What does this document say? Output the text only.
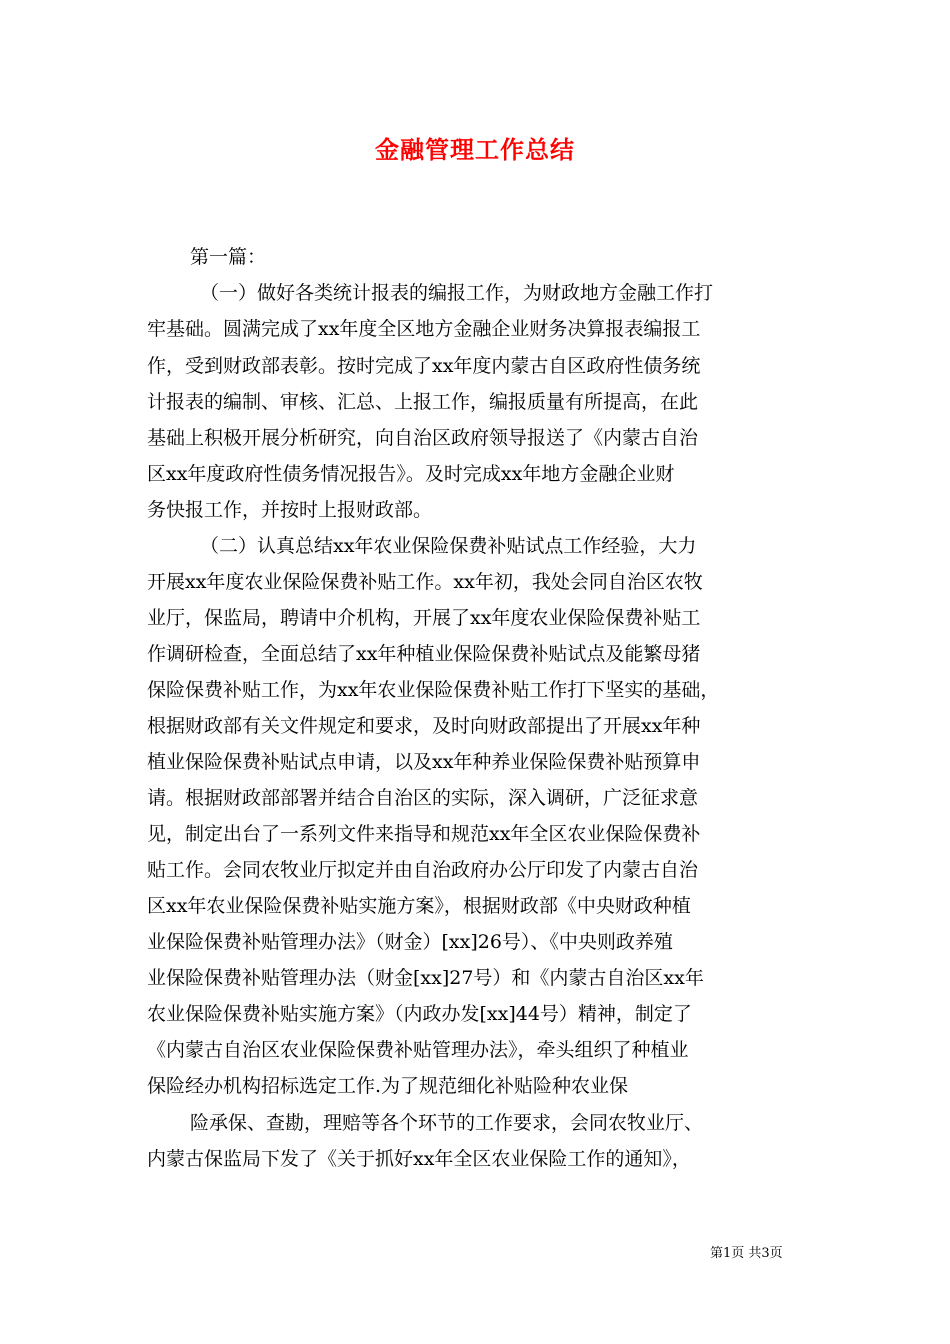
金融管理工作总结
第一篇：
（一）做好各类统计报表的编报工作，为财政地方金融工作打
牢基础。圆满完成了xx年度全区地方金融企业财务决算报表编报工
作，受到财政部表彰。按时完成了xx年度内蒙古自区政府性债务统
计报表的编制、审核、汇总、上报工作，编报质量有所提高，在此
基础上积极开展分析研究，向自治区政府领导报送了《内蒙古自治
区xx年度政府性债务情况报告》。及时完成xx年地方金融企业财
务快报工作，并按时上报财政部。
（二）认真总结xx年农业保险保费补贴试点工作经验，大力
开展xx年度农业保险保费补贴工作。xx年初，我处会同自治区农牧
业厅，保监局，聘请中介机构，开展了xx年度农业保险保费补贴工
作调研检查，全面总结了xx年种植业保险保费补贴试点及能繁母猪
保险保费补贴工作，为xx年农业保险保费补贴工作打下坚实的基础，
根据财政部有关文件规定和要求，及时向财政部提出了开展xx年种
植业保险保费补贴试点申请，以及xx年种养业保险保费补贴预算申
请。根据财政部部署并结合自治区的实际，深入调研，广泛征求意
见，制定出台了一系列文件来指导和规范xx年全区农业保险保费补
贴工作。会同农牧业厅拟定并由自治政府办公厅印发了内蒙古自治
区xx年农业保险保费补贴实施方案》，根据财政部《中央财政种植
业保险保费补贴管理办法》（财金）[xx]26号）、《中央则政养殖
业保险保费补贴管理办法（财金[xx]27号）和《内蒙古自治区xx年
农业保险保费补贴实施方案》（内政办发[xx]44号）精神，制定了
《内蒙古自治区农业保险保费补贴管理办法》，牵头组织了种植业
保险经办机构招标选定工作.为了规范细化补贴险种农业保
险承保、查勘，理赔等各个环节的工作要求，会同农牧业厅、
内蒙古保监局下发了《关于抓好xx年全区农业保险工作的通知》，
第1页 共3页
